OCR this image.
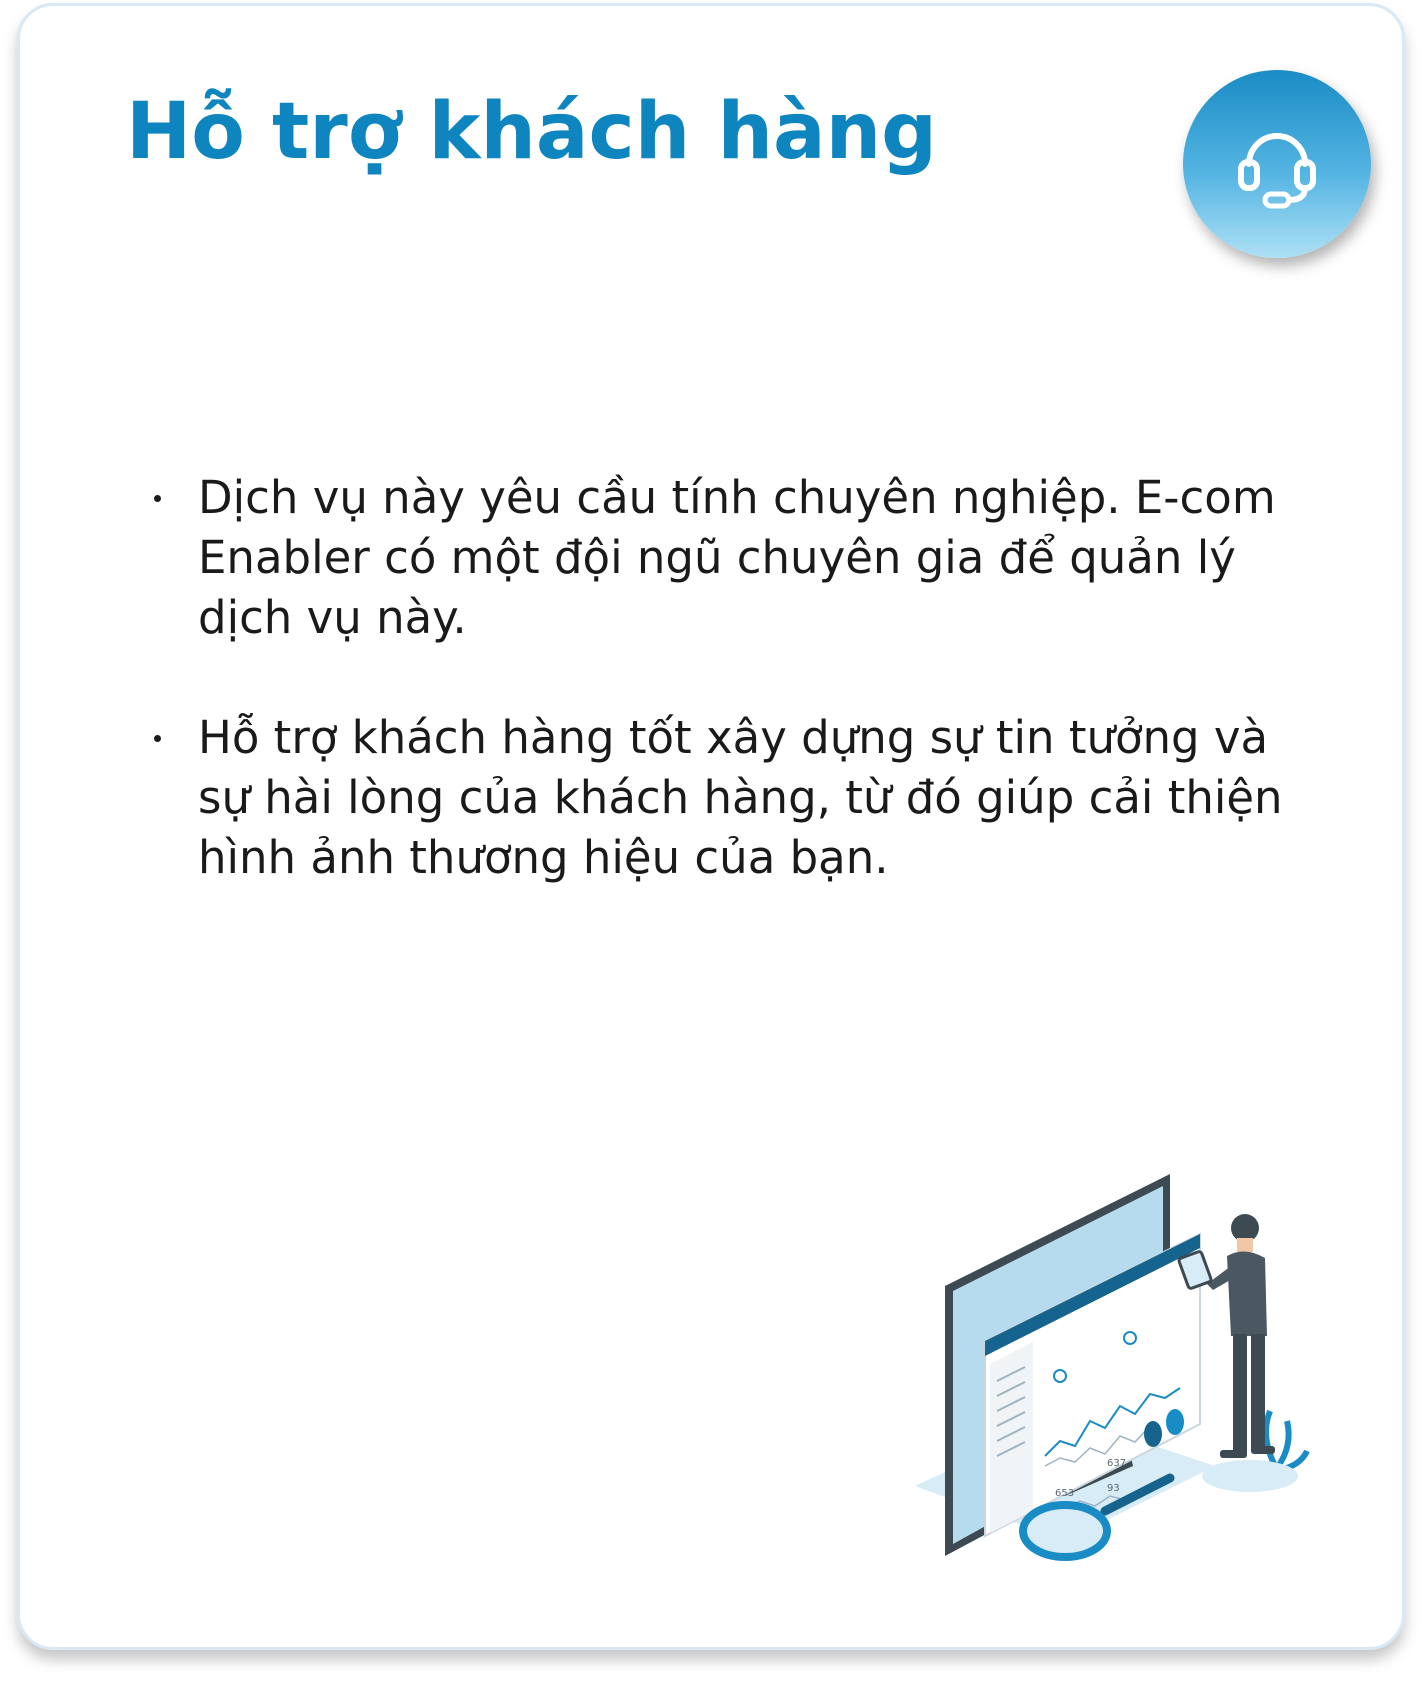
Hỗ trợ khách hàng
Dịch vụ này yêu cầu tính chuyên nghiệp. E-com Enabler có một đội ngũ chuyên gia để quản lý dịch vụ này.
Hỗ trợ khách hàng tốt xây dựng sự tin tưởng và sự hài lòng của khách hàng, từ đó giúp cải thiện hình ảnh thương hiệu của bạn.
637
653	93
